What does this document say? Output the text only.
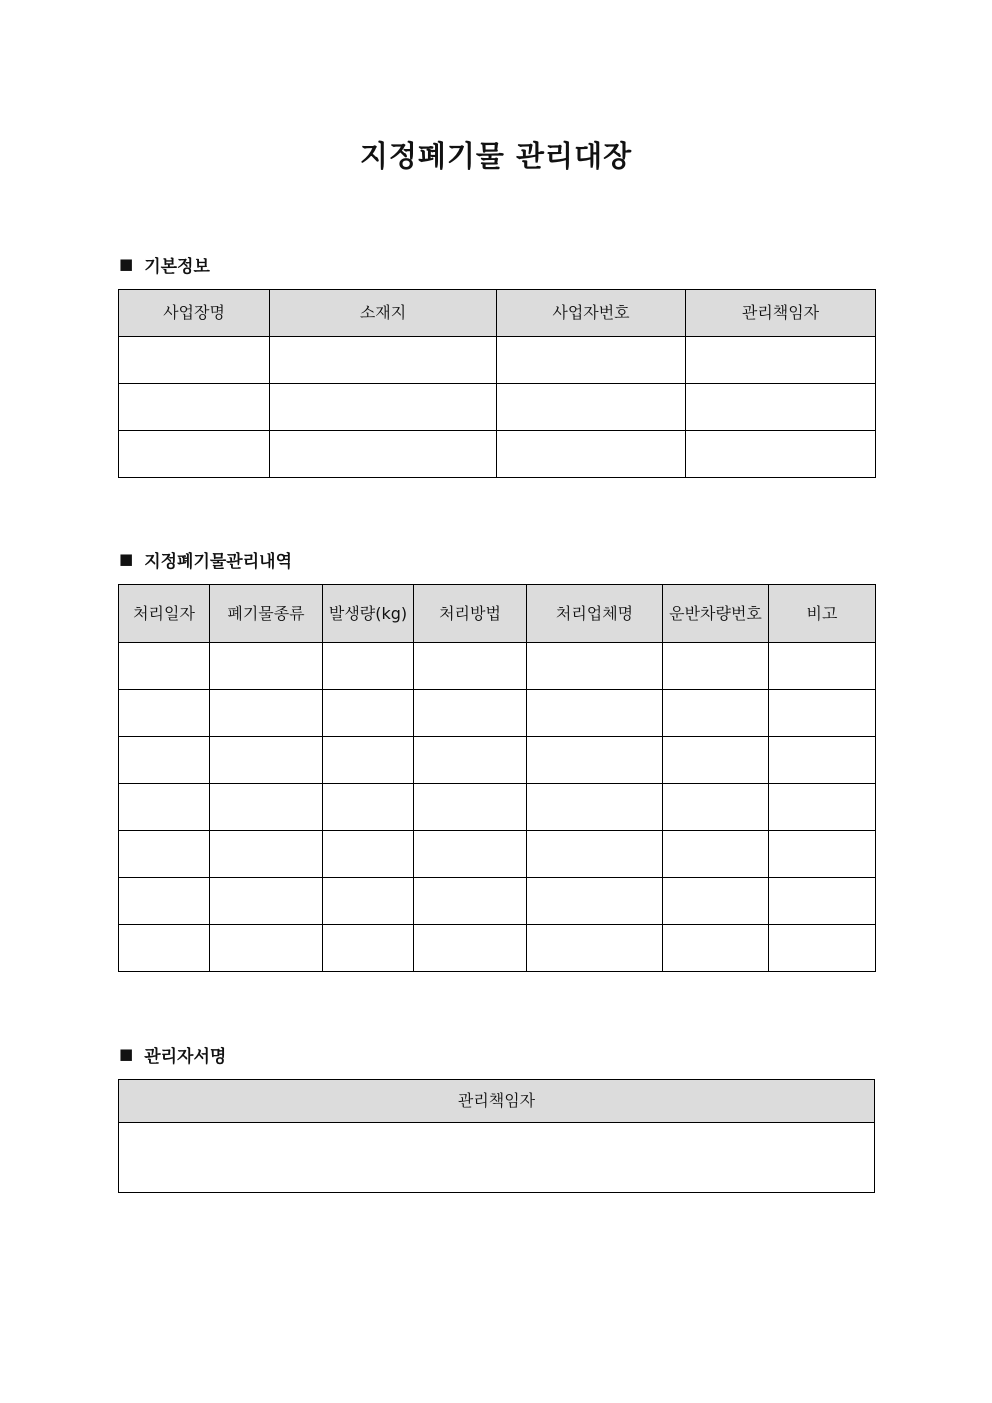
지정폐기물 관리대장
■ 기본정보
사업장명	소재지	사업자번호	관리책임자

■ 지정폐기물관리내역
처리일자	폐기물종류	발생량(kg)	처리방법	처리업체명	운반차량번호	비고

■ 관리자서명
관리책임자
